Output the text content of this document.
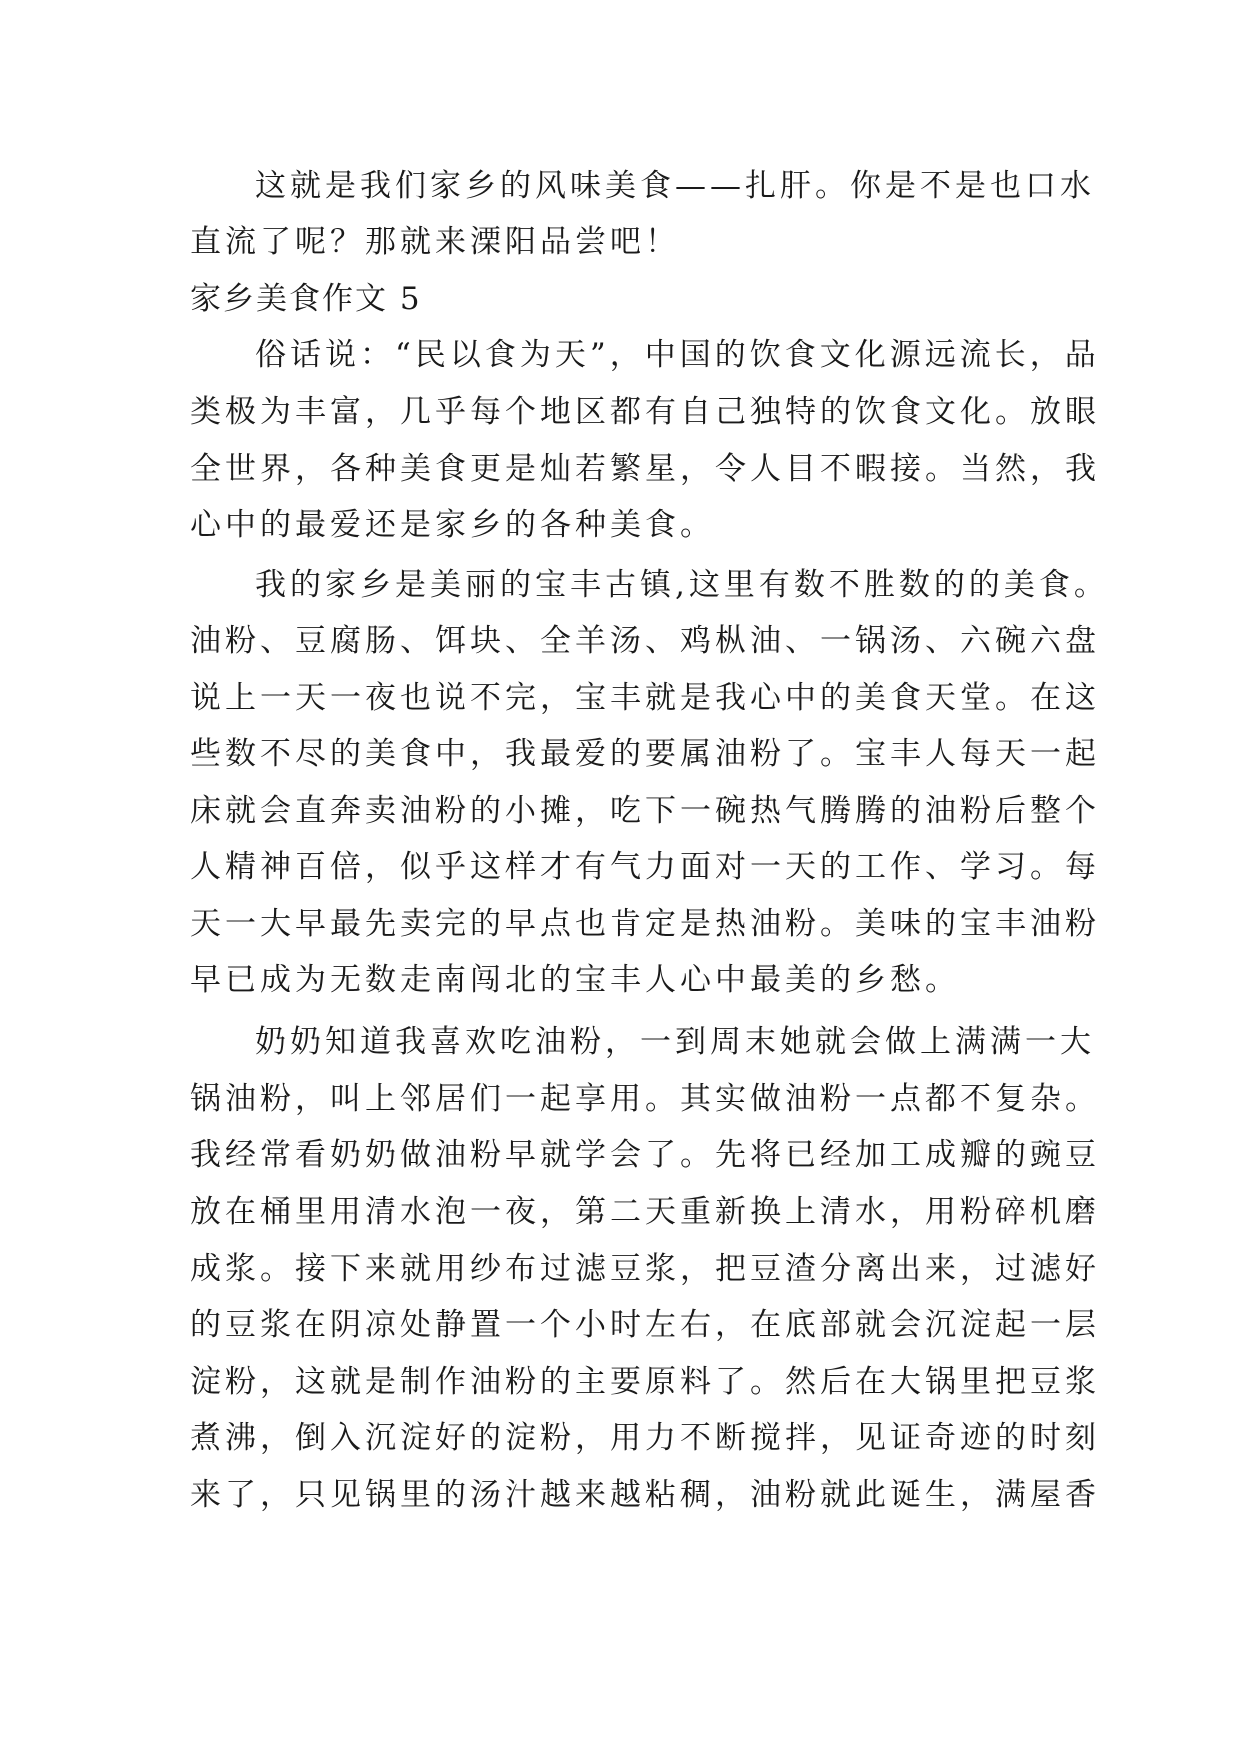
这就是我们家乡的风味美食——扎肝。你是不是也口水
直流了呢？那就来溧阳品尝吧！
家乡美食作文 5
俗话说：“民以食为天”，中国的饮食文化源远流长，品
类极为丰富，几乎每个地区都有自己独特的饮食文化。放眼
全世界，各种美食更是灿若繁星，令人目不暇接。当然，我
心中的最爱还是家乡的各种美食。
我的家乡是美丽的宝丰古镇,这里有数不胜数的的美食。
油粉、豆腐肠、饵块、全羊汤、鸡枞油、一锅汤、六碗六盘
说上一天一夜也说不完，宝丰就是我心中的美食天堂。在这
些数不尽的美食中，我最爱的要属油粉了。宝丰人每天一起
床就会直奔卖油粉的小摊，吃下一碗热气腾腾的油粉后整个
人精神百倍，似乎这样才有气力面对一天的工作、学习。每
天一大早最先卖完的早点也肯定是热油粉。美味的宝丰油粉
早已成为无数走南闯北的宝丰人心中最美的乡愁。
奶奶知道我喜欢吃油粉，一到周末她就会做上满满一大
锅油粉，叫上邻居们一起享用。其实做油粉一点都不复杂。
我经常看奶奶做油粉早就学会了。先将已经加工成瓣的豌豆
放在桶里用清水泡一夜，第二天重新换上清水，用粉碎机磨
成浆。接下来就用纱布过滤豆浆，把豆渣分离出来，过滤好
的豆浆在阴凉处静置一个小时左右，在底部就会沉淀起一层
淀粉，这就是制作油粉的主要原料了。然后在大锅里把豆浆
煮沸，倒入沉淀好的淀粉，用力不断搅拌，见证奇迹的时刻
来了，只见锅里的汤汁越来越粘稠，油粉就此诞生，满屋香
